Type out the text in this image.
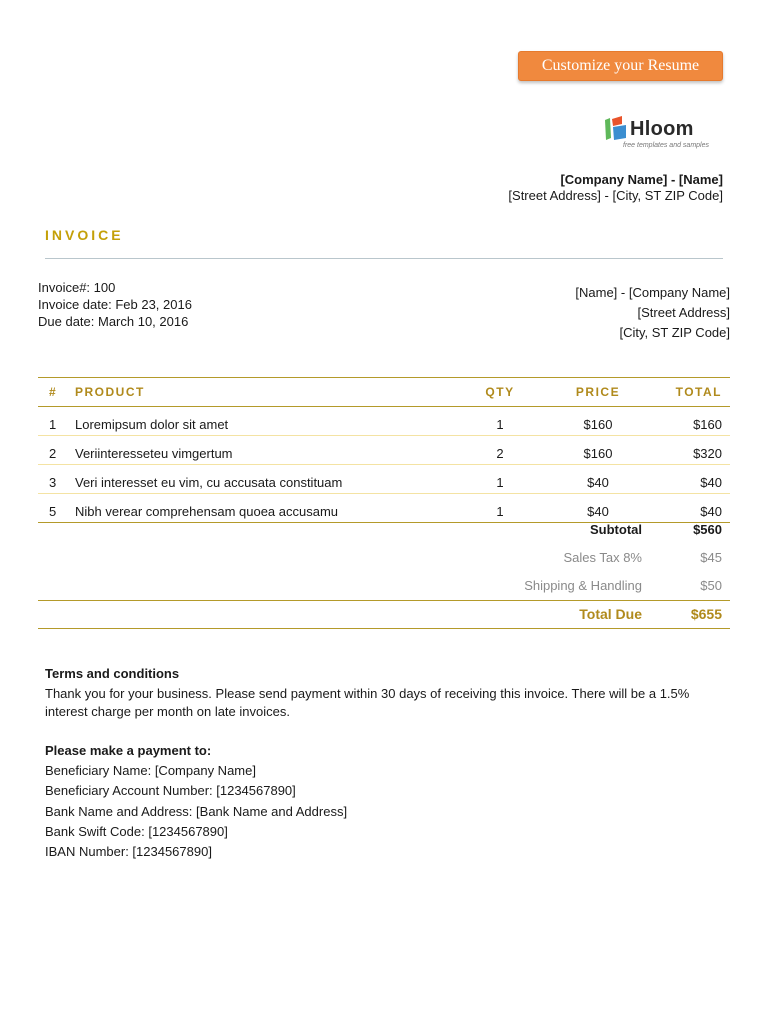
Customize your Resume
Hloom
free templates and samples
[Company Name] - [Name]
[Street Address] - [City, ST ZIP Code]
INVOICE
Invoice#: 100
Invoice date: Feb 23, 2016
Due date: March 10, 2016
[Name] - [Company Name]
[Street Address]
[City, ST ZIP Code]
# PRODUCT	QTY	PRICE	TOTAL
1 Loremipsum dolor sit amet	1	$160	$160
2 Veriinteresseteu vimgertum	2	$160	$320
3 Veri interesset eu vim, cu accusata constituam	1	$40	$40
5 Nibh verear comprehensam quoea accusamu	1	$40	$40
Subtotal	$560
Sales Tax 8%	$45
Shipping & Handling	$50
Total Due	$655
Terms and conditions
Thank you for your business. Please send payment within 30 days of receiving this invoice. There will be a 1.5% interest charge per month on late invoices.
Please make a payment to:
Beneficiary Name: [Company Name]
Beneficiary Account Number: [1234567890]
Bank Name and Address: [Bank Name and Address]
Bank Swift Code: [1234567890]
IBAN Number: [1234567890]
